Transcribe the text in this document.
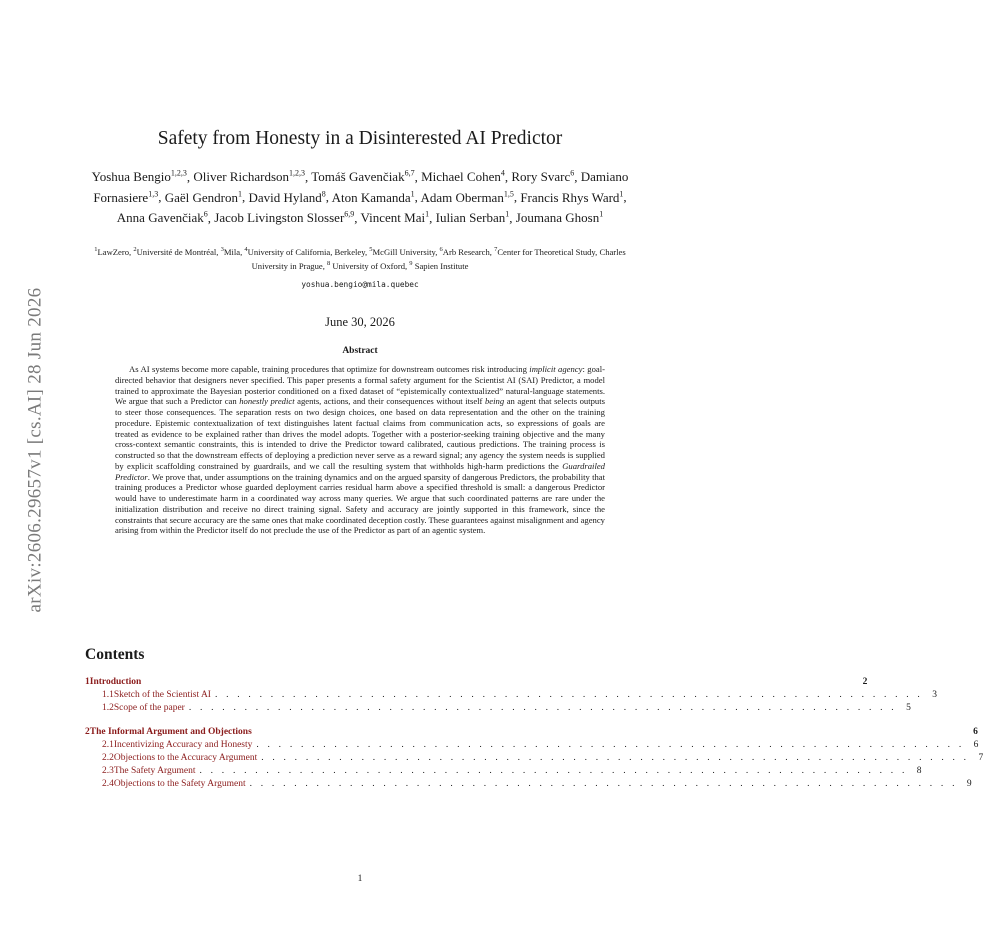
arXiv:2606.29657v1 [cs.AI] 28 Jun 2026
Safety from Honesty in a Disinterested AI Predictor
Yoshua Bengio$^{1,2,3}$, Oliver Richardson$^{1,2,3}$, Tomáš Gavenčiak$^{6,7}$, Michael Cohen$^4$, Rory Svarc$^6$, Damiano Fornasiere$^{1,3}$, Gaël Gendron$^1$, David Hyland$^8$, Aton Kamanda$^1$, Adam Oberman$^{1,5}$, Francis Rhys Ward$^1$, Anna Gavenčiak$^6$, Jacob Livingston Slosser$^{6,9}$, Vincent Mai$^1$, Iulian Serban$^1$, Joumana Ghosn$^1$
$^1$LawZero, $^2$Université de Montréal, $^3$Mila, $^4$University of California, Berkeley, $^5$McGill University, $^6$Arb Research, $^7$Center for Theoretical Study, Charles University in Prague, $^8$ University of Oxford, $^9$ Sapien Institute
yoshua.bengio@mila.quebec
June 30, 2026
Abstract

As AI systems become more capable, training procedures that optimize for downstream outcomes risk introducing implicit agency: goal-directed behavior that designers never specified. This paper presents a formal safety argument for the Scientist AI (SAI) Predictor, a model trained to approximate the Bayesian posterior conditioned on a fixed dataset of “epistemically contextualized” natural-language statements. We argue that such a Predictor can honestly predict agents, actions, and their consequences without itself being an agent that selects outputs to steer those consequences. The separation rests on two design choices, one based on data representation and the other on the training procedure. Epistemic contextualization of text distinguishes latent factual claims from communication acts, so expressions of goals are treated as evidence to be explained rather than drives the model adopts. Together with a posterior-seeking training objective and the many cross-context semantic constraints, this is intended to drive the Predictor toward calibrated, cautious predictions. The training process is constructed so that the downstream effects of deploying a prediction never serve as a reward signal; any agency the system needs is supplied by explicit scaffolding constrained by guardrails, and we call the resulting system that withholds high-harm predictions the Guardrailed Predictor. We prove that, under assumptions on the training dynamics and on the argued sparsity of dangerous Predictors, the probability that training produces a Predictor whose guarded deployment carries residual harm above a specified threshold is small: a dangerous Predictor would have to underestimate harm in a coordinated way across many queries. We argue that such coordinated patterns are rare under the initialization distribution and receive no direct training signal. Safety and accuracy are jointly supported in this framework, since the constraints that secure accuracy are the same ones that make coordinated deception costly. These guarantees against misalignment and agency arising from within the Predictor itself do not preclude the use of the Predictor as part of an agentic system.

Contents
1 Introduction	2
1.1 Sketch of the Scientist AI . . . . . . . . . . . . . . . . . . . . . . . . . . . . . . . . . . . . . . . . . . . . . . . . . . . . . . . . . . . . . . . . 3
1.2 Scope of the paper . . . . . . . . . . . . . . . . . . . . . . . . . . . . . . . . . . . . . . . . . . . . . . . . . . . . . . . . . . . . . . . . 5
2 The Informal Argument and Objections	6
2.1 Incentivizing Accuracy and Honesty . . . . . . . . . . . . . . . . . . . . . . . . . . . . . . . . . . . . . . . . . . . . . . . . . . . . . . . . . . . . . . . . 6
2.2 Objections to the Accuracy Argument . . . . . . . . . . . . . . . . . . . . . . . . . . . . . . . . . . . . . . . . . . . . . . . . . . . . . . . . . . . . . . . . 7
2.3 The Safety Argument . . . . . . . . . . . . . . . . . . . . . . . . . . . . . . . . . . . . . . . . . . . . . . . . . . . . . . . . . . . . . . . . 8
2.4 Objections to the Safety Argument . . . . . . . . . . . . . . . . . . . . . . . . . . . . . . . . . . . . . . . . . . . . . . . . . . . . . . . . . . . . . . . . 9
1
